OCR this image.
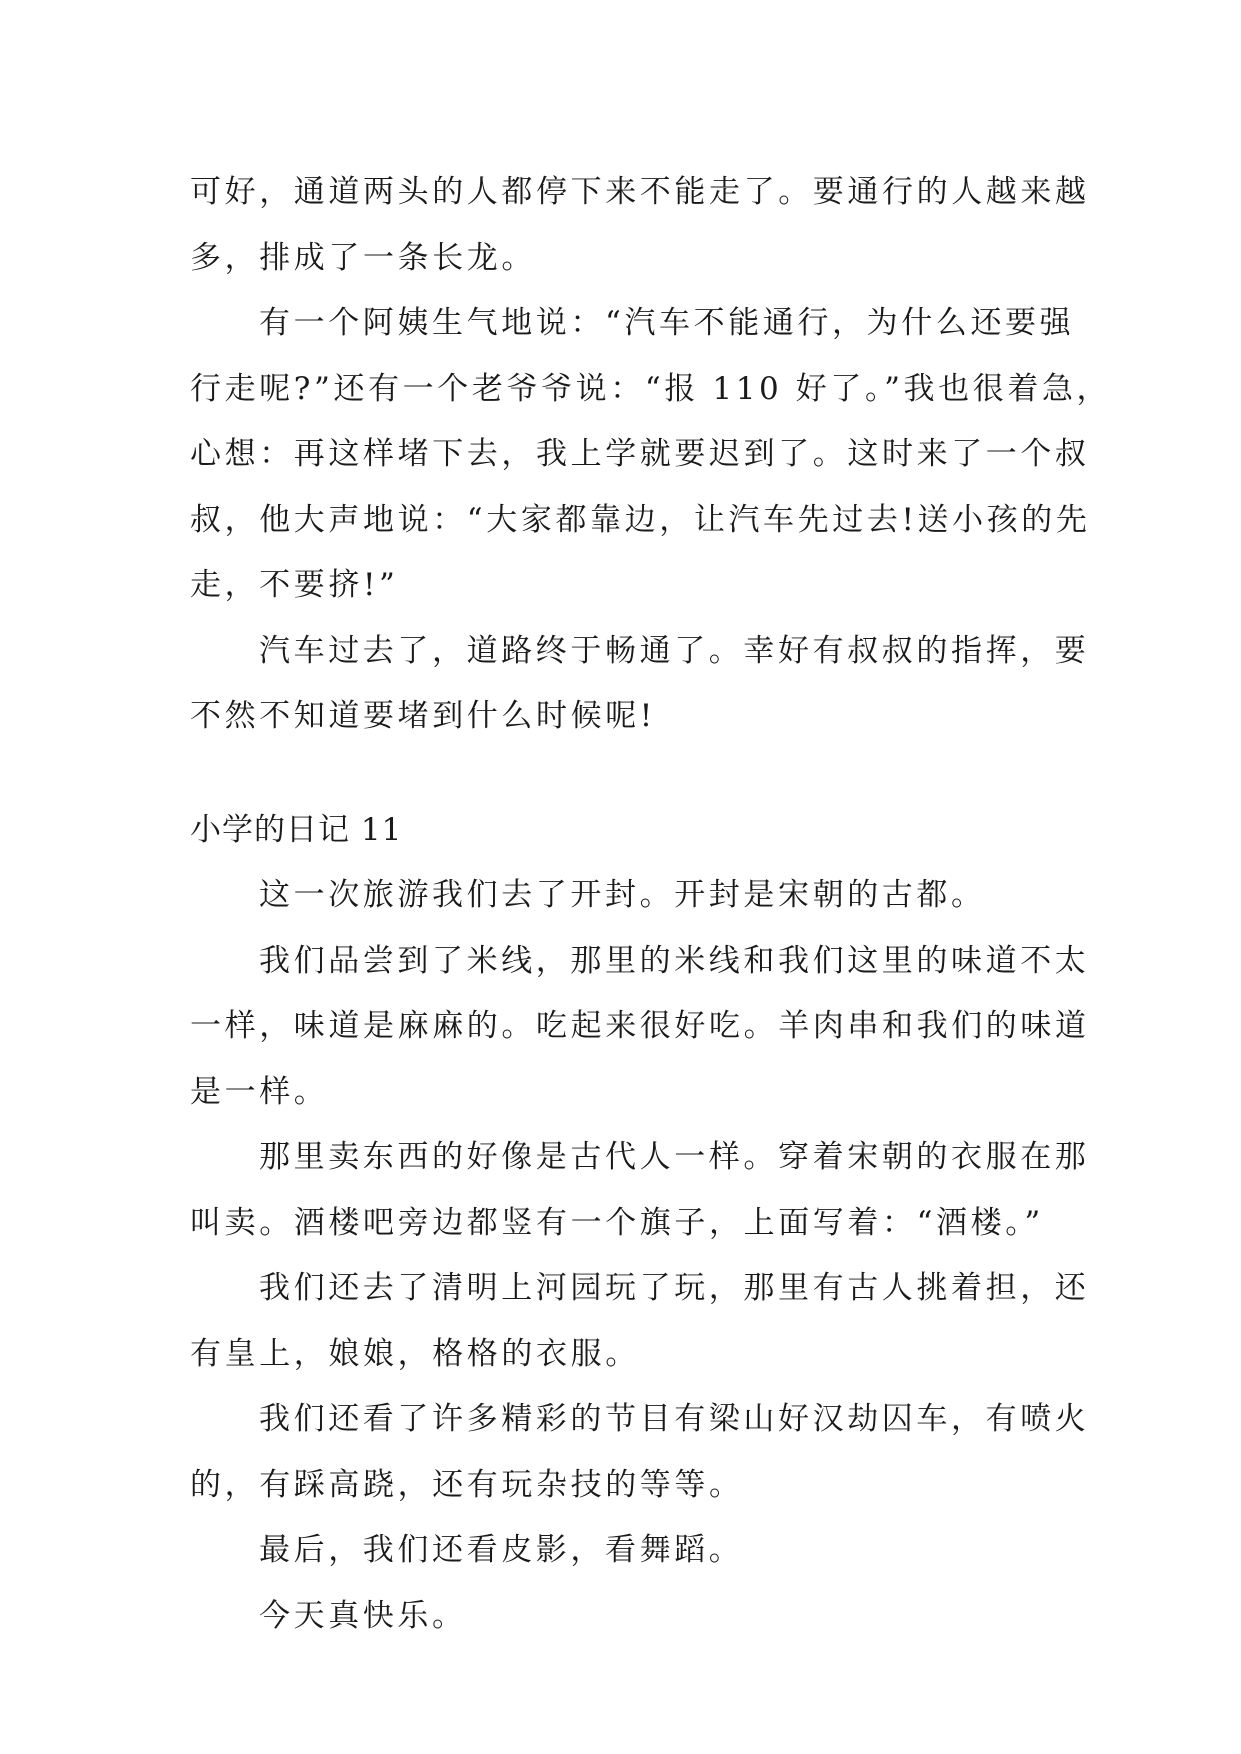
可好，通道两头的人都停下来不能走了。要通行的人越来越
多，排成了一条长龙。
有一个阿姨生气地说：“汽车不能通行，为什么还要强
行走呢?”还有一个老爷爷说：“报 110 好了。”我也很着急，
心想：再这样堵下去，我上学就要迟到了。这时来了一个叔
叔，他大声地说：“大家都靠边，让汽车先过去!送小孩的先
走，不要挤!”
汽车过去了，道路终于畅通了。幸好有叔叔的指挥，要
不然不知道要堵到什么时候呢!
小学的日记 11
这一次旅游我们去了开封。开封是宋朝的古都。
我们品尝到了米线，那里的米线和我们这里的味道不太
一样，味道是麻麻的。吃起来很好吃。羊肉串和我们的味道
是一样。
那里卖东西的好像是古代人一样。穿着宋朝的衣服在那
叫卖。酒楼吧旁边都竖有一个旗子，上面写着：“酒楼。”
我们还去了清明上河园玩了玩，那里有古人挑着担，还
有皇上，娘娘，格格的衣服。
我们还看了许多精彩的节目有梁山好汉劫囚车，有喷火
的，有踩高跷，还有玩杂技的等等。
最后，我们还看皮影，看舞蹈。
今天真快乐。
